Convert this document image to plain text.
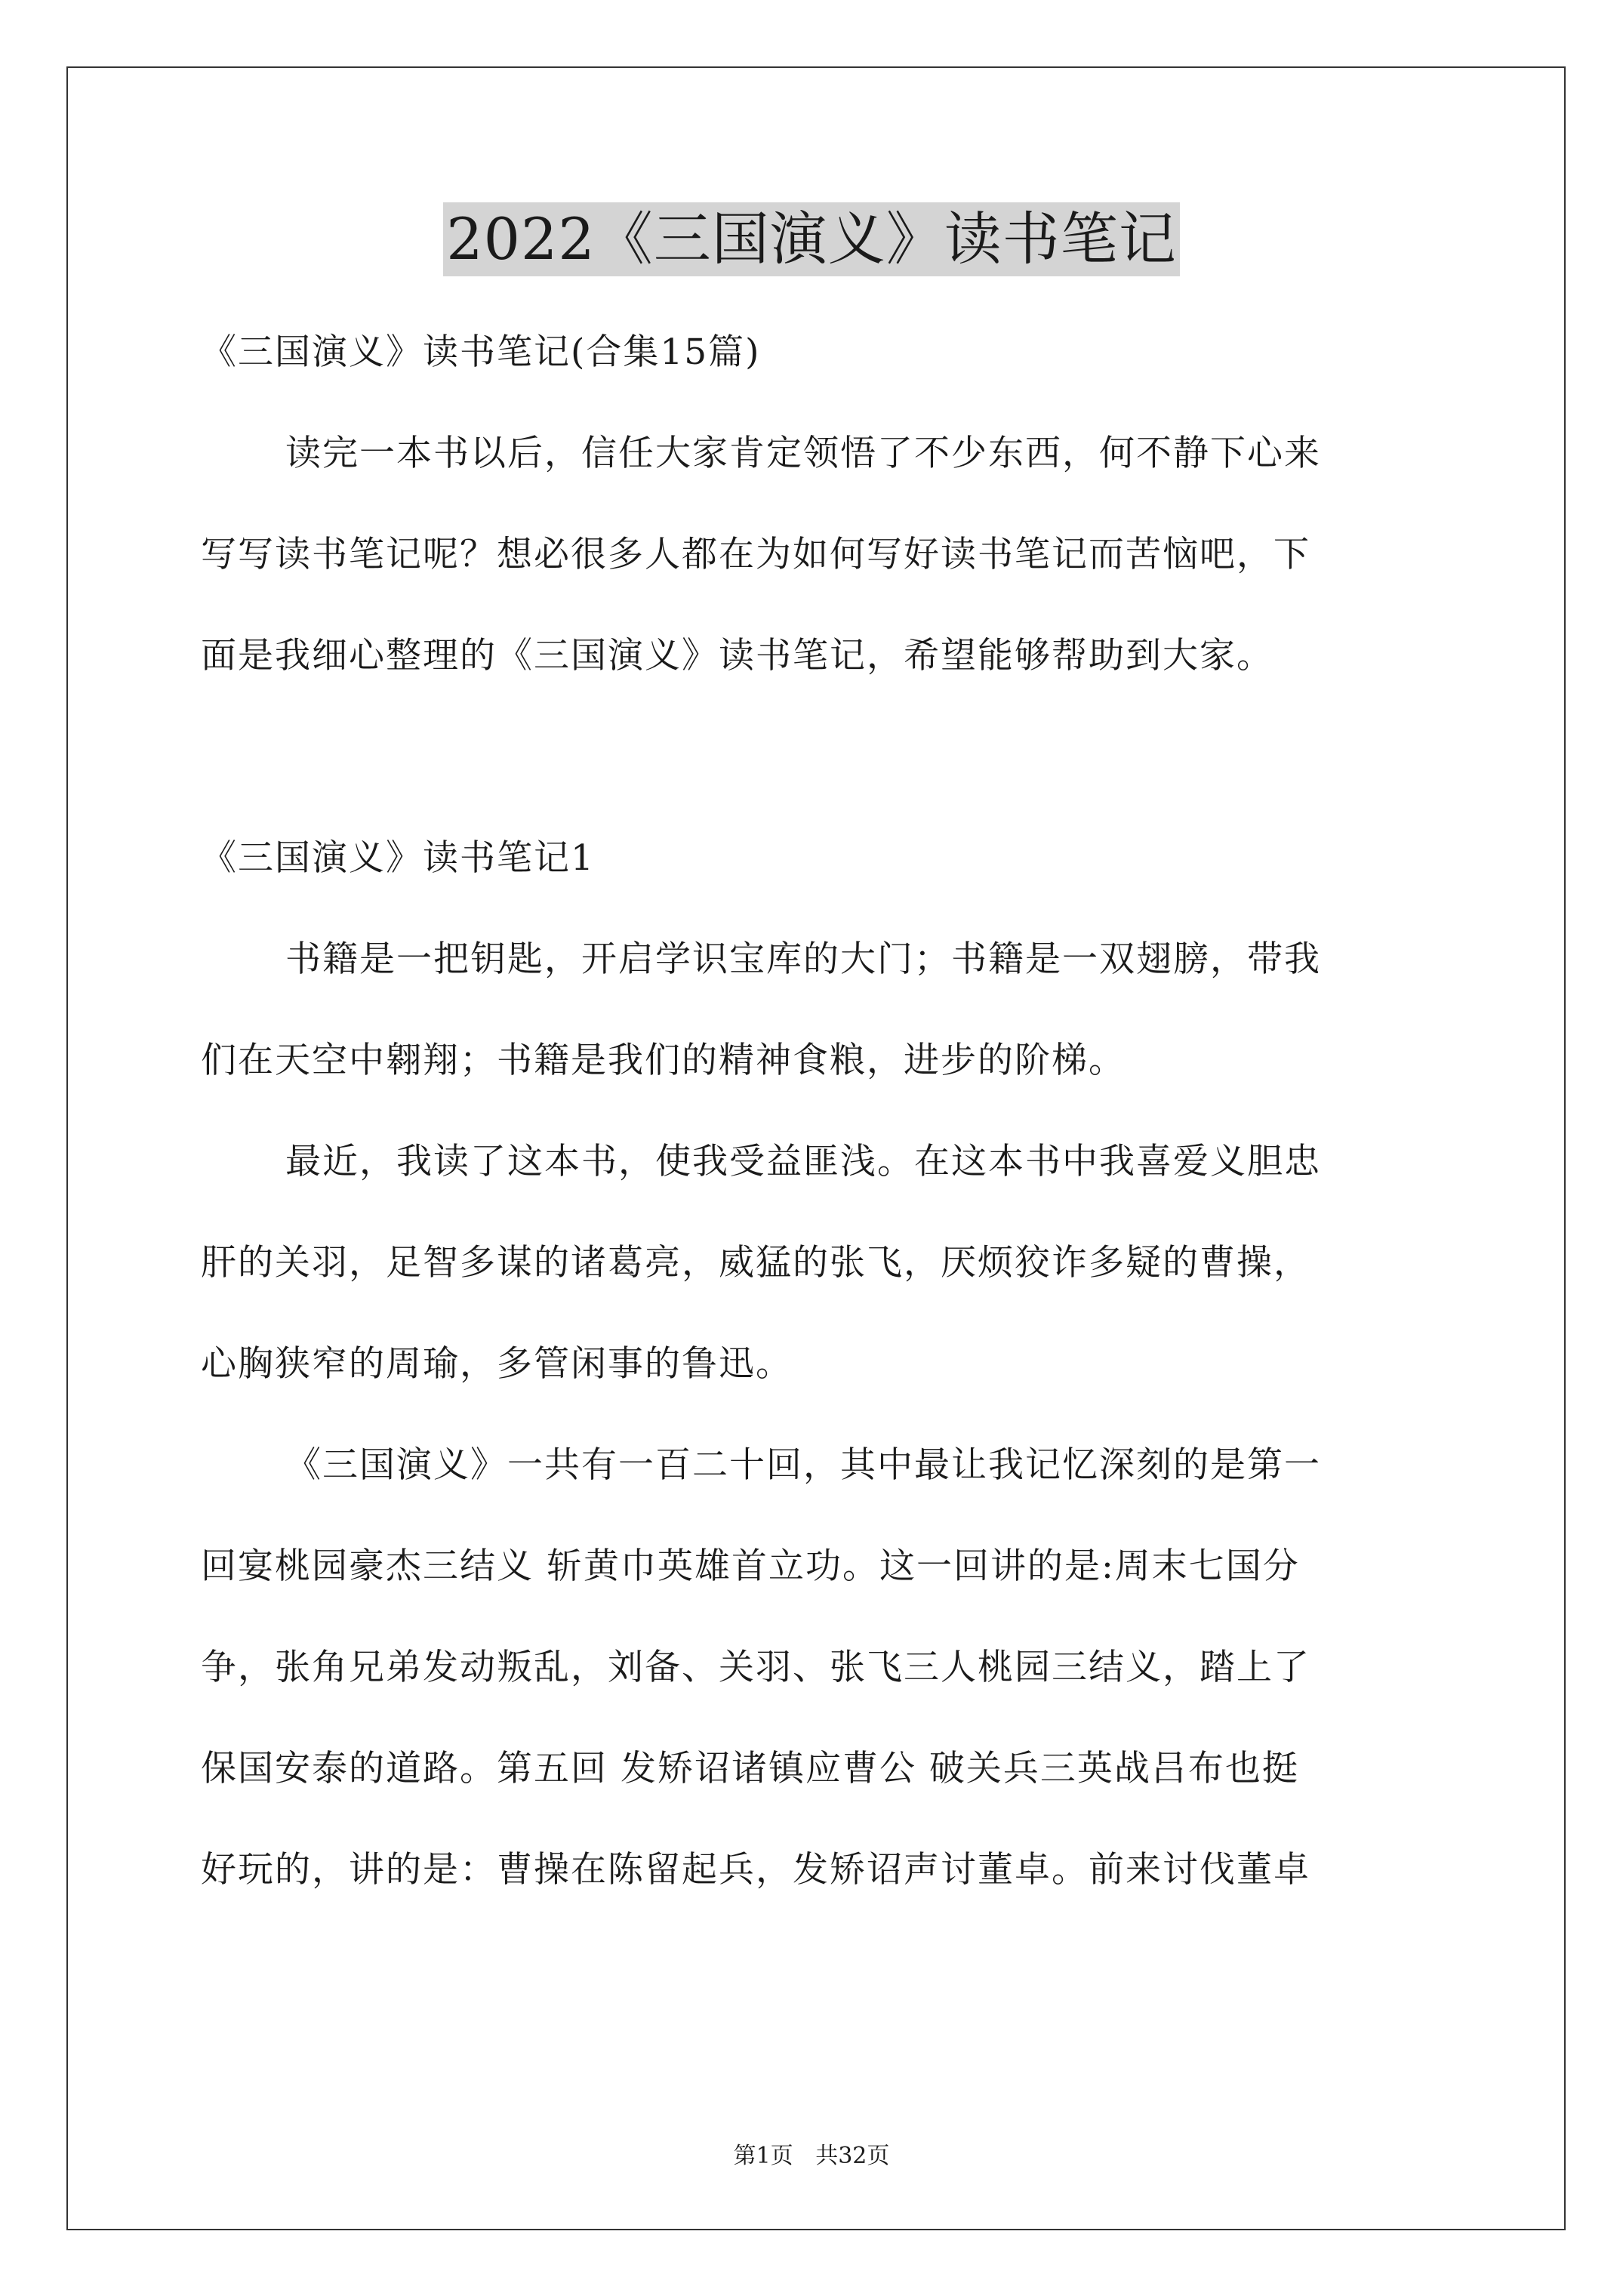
2022《三国演义》读书笔记
《三国演义》读书笔记(合集15篇)
读完一本书以后，信任大家肯定领悟了不少东西，何不静下心来
写写读书笔记呢？想必很多人都在为如何写好读书笔记而苦恼吧，下
面是我细心整理的《三国演义》读书笔记，希望能够帮助到大家。
《三国演义》读书笔记1
书籍是一把钥匙，开启学识宝库的大门；书籍是一双翅膀，带我
们在天空中翱翔；书籍是我们的精神食粮，进步的阶梯。
最近，我读了这本书，使我受益匪浅。在这本书中我喜爱义胆忠
肝的关羽，足智多谋的诸葛亮，威猛的张飞，厌烦狡诈多疑的曹操，
心胸狭窄的周瑜，多管闲事的鲁迅。
《三国演义》一共有一百二十回，其中最让我记忆深刻的是第一
回宴桃园豪杰三结义 斩黄巾英雄首立功。这一回讲的是:周末七国分
争，张角兄弟发动叛乱，刘备、关羽、张飞三人桃园三结义，踏上了
保国安泰的道路。第五回 发矫诏诸镇应曹公 破关兵三英战吕布也挺
好玩的，讲的是：曹操在陈留起兵，发矫诏声讨董卓。前来讨伐董卓
第1页 共32页
